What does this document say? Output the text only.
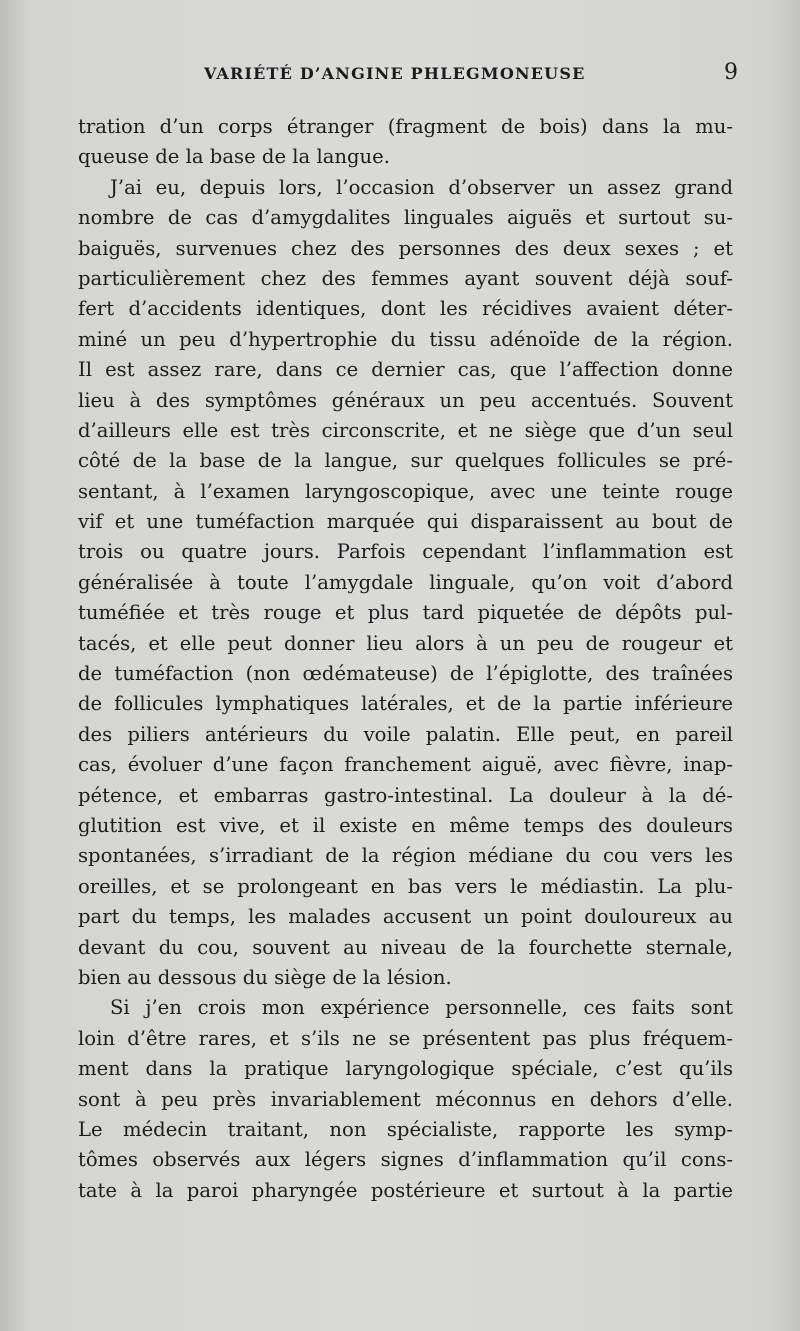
VARIÉTÉ D’ANGINE PHLEGMONEUSE	9
tration d’un corps étranger (fragment de bois) dans la mu-
queuse de la base de la langue.
J’ai eu, depuis lors, l’occasion d’observer un assez grand
nombre de cas d’amygdalites linguales aiguës et surtout su-
baiguës, survenues chez des personnes des deux sexes ; et
particulièrement chez des femmes ayant souvent déjà souf-
fert d’accidents identiques, dont les récidives avaient déter-
miné un peu d’hypertrophie du tissu adénoïde de la région.
Il est assez rare, dans ce dernier cas, que l’affection donne
lieu à des symptômes généraux un peu accentués. Souvent
d’ailleurs elle est très circonscrite, et ne siège que d’un seul
côté de la base de la langue, sur quelques follicules se pré-
sentant, à l’examen laryngoscopique, avec une teinte rouge
vif et une tuméfaction marquée qui disparaissent au bout de
trois ou quatre jours. Parfois cependant l’inflammation est
généralisée à toute l’amygdale linguale, qu’on voit d’abord
tuméfiée et très rouge et plus tard piquetée de dépôts pul-
tacés, et elle peut donner lieu alors à un peu de rougeur et
de tuméfaction (non œdémateuse) de l’épiglotte, des traînées
de follicules lymphatiques latérales, et de la partie inférieure
des piliers antérieurs du voile palatin. Elle peut, en pareil
cas, évoluer d’une façon franchement aiguë, avec fièvre, inap-
pétence, et embarras gastro-intestinal. La douleur à la dé-
glutition est vive, et il existe en même temps des douleurs
spontanées, s’irradiant de la région médiane du cou vers les
oreilles, et se prolongeant en bas vers le médiastin. La plu-
part du temps, les malades accusent un point douloureux au
devant du cou, souvent au niveau de la fourchette sternale,
bien au dessous du siège de la lésion.
Si j’en crois mon expérience personnelle, ces faits sont
loin d’être rares, et s’ils ne se présentent pas plus fréquem-
ment dans la pratique laryngologique spéciale, c’est qu’ils
sont à peu près invariablement méconnus en dehors d’elle.
Le médecin traitant, non spécialiste, rapporte les symp-
tômes observés aux légers signes d’inflammation qu’il cons-
tate à la paroi pharyngée postérieure et surtout à la partie
